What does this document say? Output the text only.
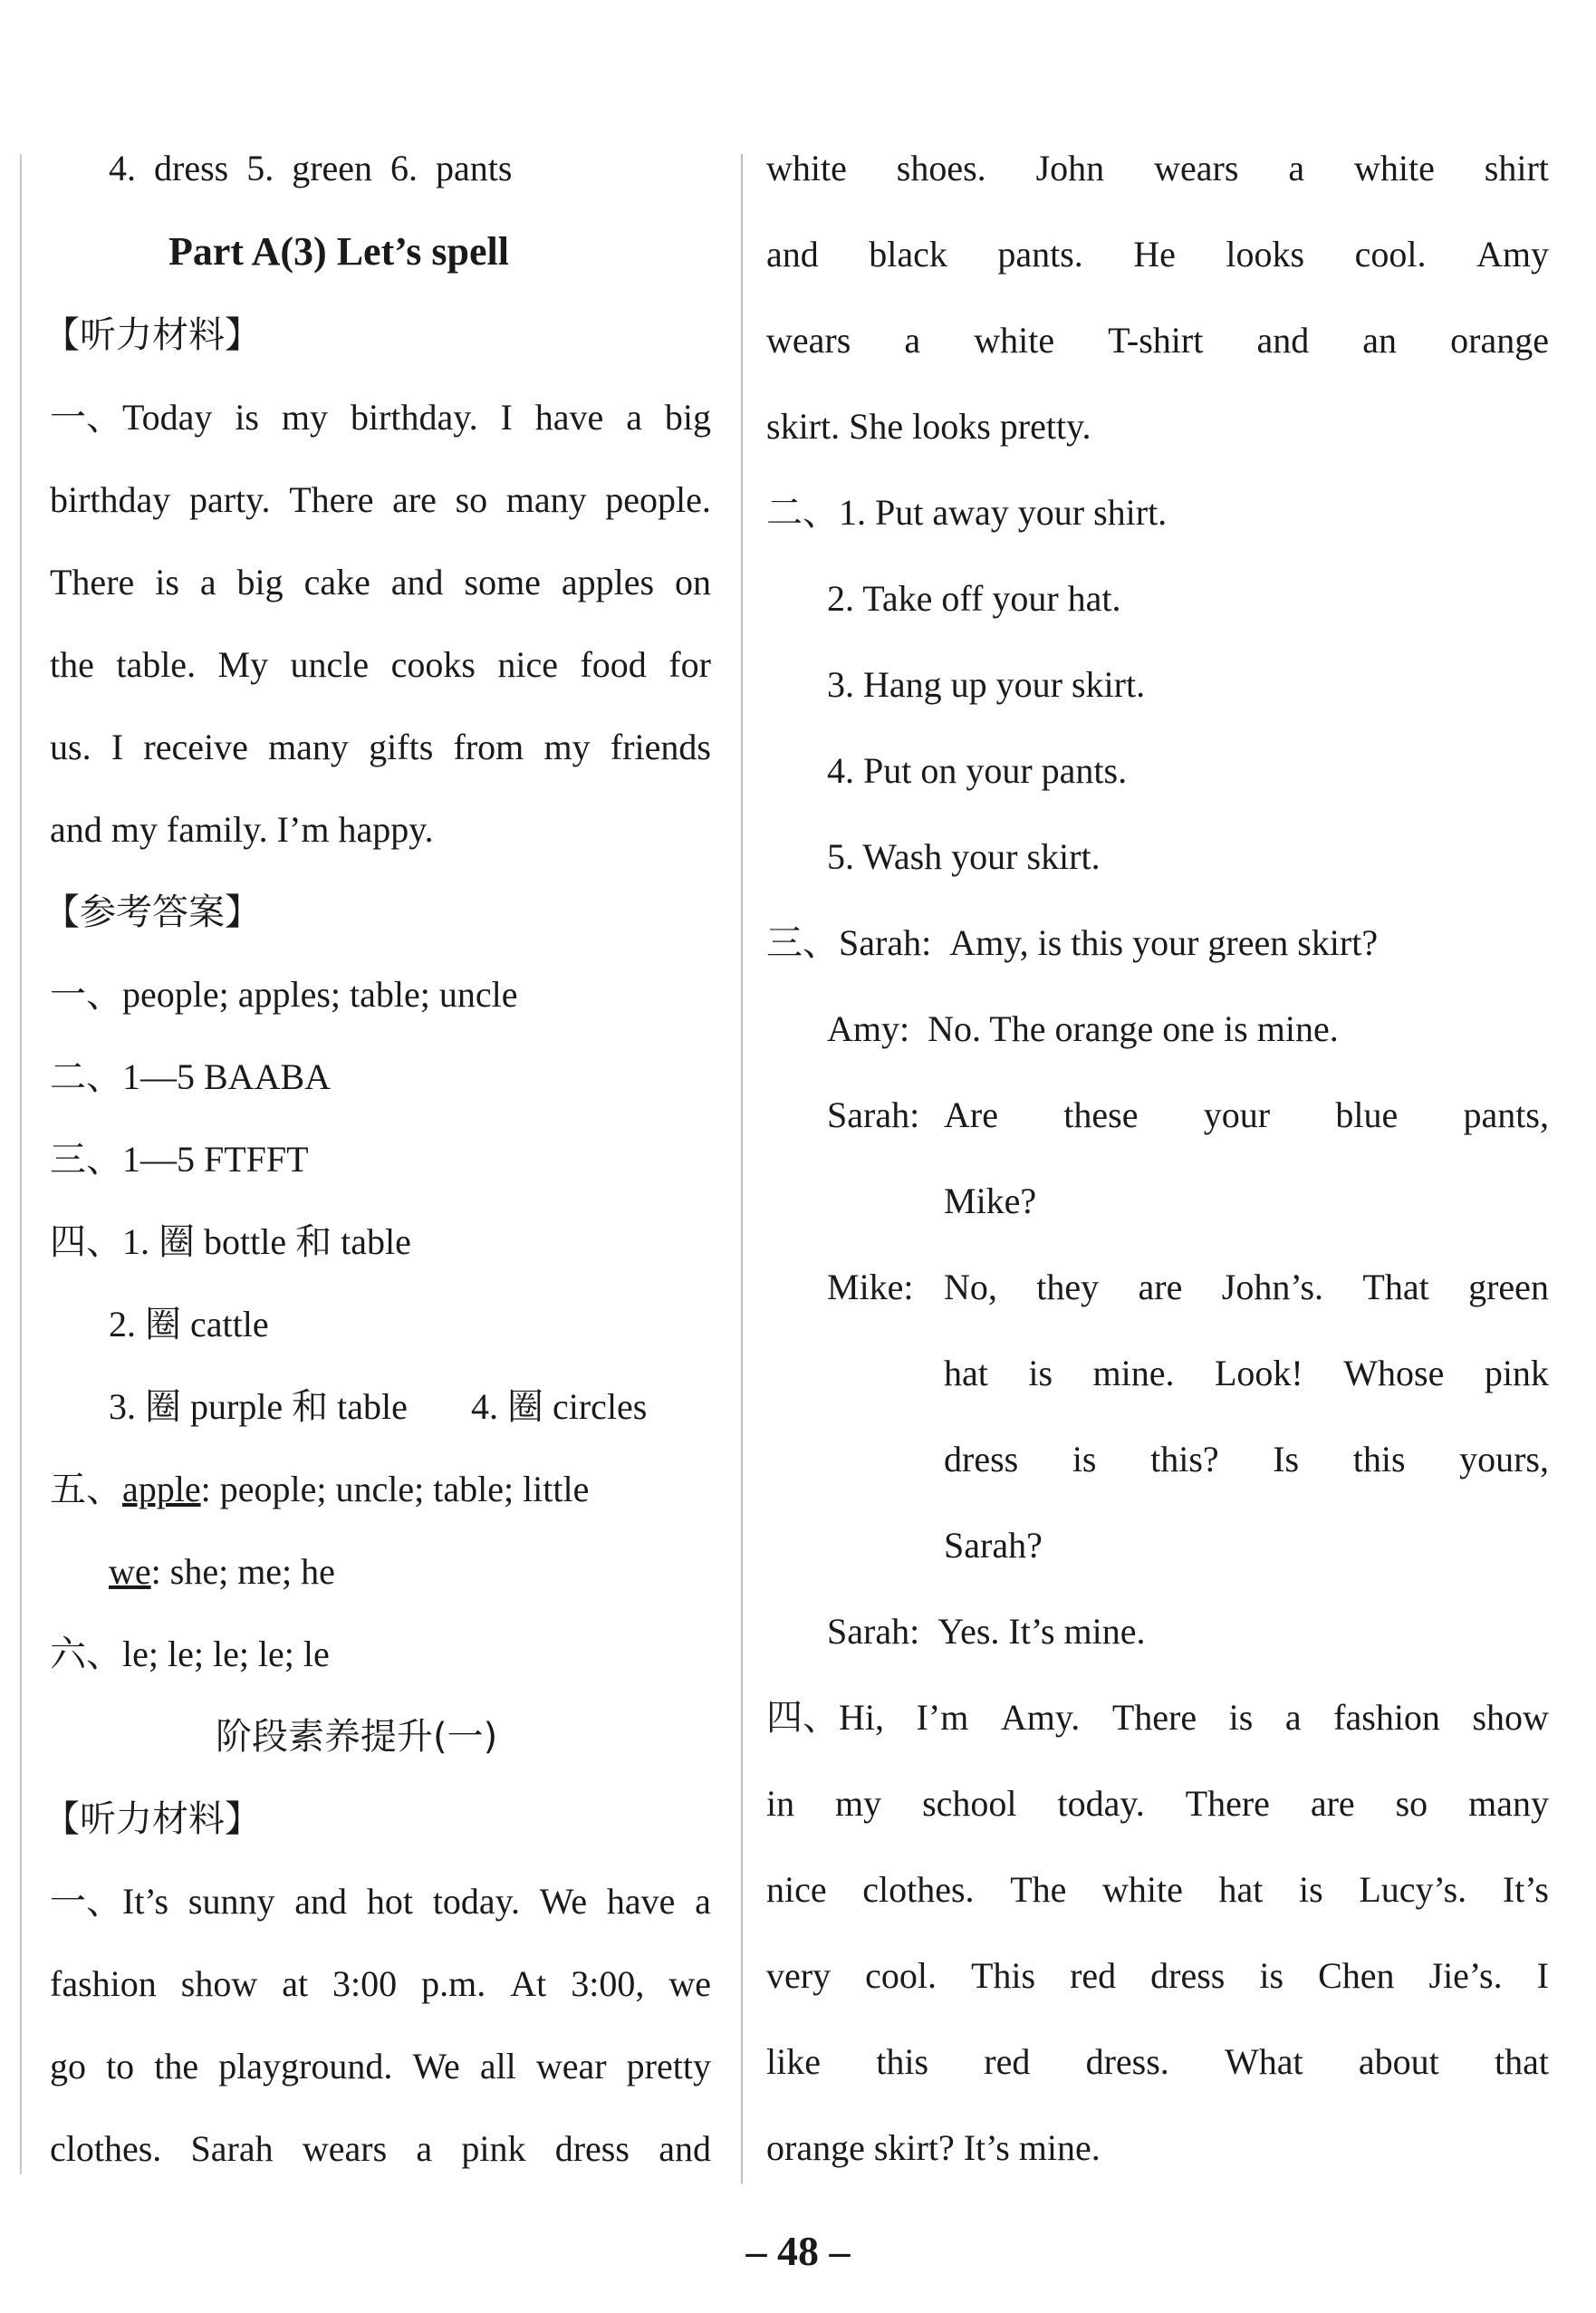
4. dress 5. green 6. pants
Part A(3) Let’s spell
【听力材料】
一、Today is my birthday. I have a big
birthday party. There are so many people.
There is a big cake and some apples on
the table. My uncle cooks nice food for
us. I receive many gifts from my friends
and my family. I’m happy.
【参考答案】
一、people; apples; table; uncle
二、1—5 BAABA
三、1—5 FTFFT
四、1. 圈 bottle 和 table
2. 圈 cattle
3. 圈 purple 和 table 4. 圈 circles
五、apple: people; uncle; table; little
we: she; me; he
六、le; le; le; le; le
阶段素养提升(一)
【听力材料】
一、It’s sunny and hot today. We have a
fashion show at 3:00 p.m. At 3:00, we
go to the playground. We all wear pretty
clothes. Sarah wears a pink dress and
white shoes. John wears a white shirt
and black pants. He looks cool. Amy
wears a white T-shirt and an orange
skirt. She looks pretty.
二、1. Put away your shirt.
2. Take off your hat.
3. Hang up your skirt.
4. Put on your pants.
5. Wash your skirt.
三、Sarah: Amy, is this your green skirt?
Amy: No. The orange one is mine.
Sarah: Are these your blue pants,
Mike?
Mike: No, they are John’s. That green
hat is mine. Look! Whose pink
dress is this? Is this yours,
Sarah?
Sarah: Yes. It’s mine.
四、Hi, I’m Amy. There is a fashion show
in my school today. There are so many
nice clothes. The white hat is Lucy’s. It’s
very cool. This red dress is Chen Jie’s. I
like this red dress. What about that
orange skirt? It’s mine.
– 48 –
